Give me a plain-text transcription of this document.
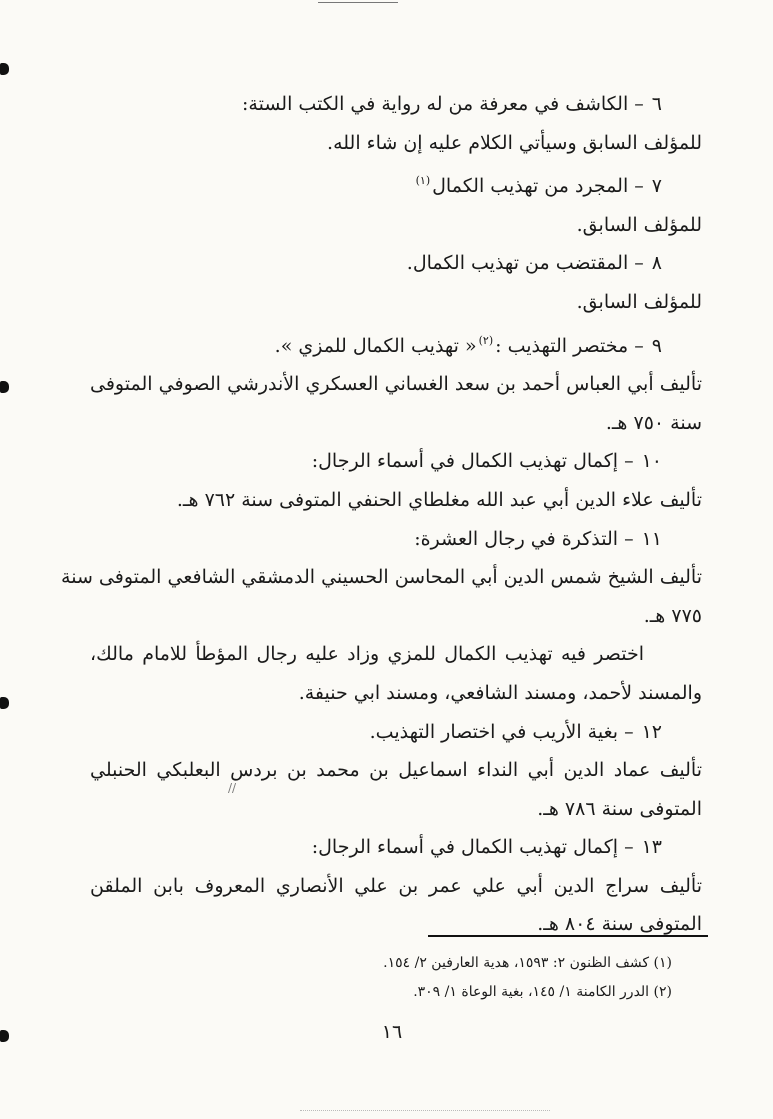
//
٦– الكاشف في معرفة من له رواية في الكتب الستة:
للمؤلف السابق وسيأتي الكلام عليه إن شاء الله.
٧– المجرد من تهذيب الكمال$^{(١)}$
للمؤلف السابق.
٨– المقتضب من تهذيب الكمال.
للمؤلف السابق.
٩– مختصر التهذيب :$^{(٢)}$« تهذيب الكمال للمزي ».
تأليف أبي العباس أحمد بن سعد الغساني العسكري الأندرشي الصوفي المتوفى
سنة ٧٥٠ هـ.
١٠– إكمال تهذيب الكمال في أسماء الرجال:
تأليف علاء الدين أبي عبد الله مغلطاي الحنفي المتوفى سنة ٧٦٢ هـ.
١١– التذكرة في رجال العشرة:
تأليف الشيخ شمس الدين أبي المحاسن الحسيني الدمشقي الشافعي المتوفى سنة
٧٧٥ هـ.
اختصر فيه تهذيب الكمال للمزي وزاد عليه رجال المؤطأ للامام مالك،
والمسند لأحمد، ومسند الشافعي، ومسند ابي حنيفة.
١٢– بغية الأريب في اختصار التهذيب.
تأليف عماد الدين أبي النداء اسماعيل بن محمد بن بردس البعلبكي الحنبلي
المتوفى سنة ٧٨٦ هـ.
١٣– إكمال تهذيب الكمال في أسماء الرجال:
تأليف سراج الدين أبي علي عمر بن علي الأنصاري المعروف بابن الملقن
المتوفى سنة ٨٠٤ هـ.
(١) كشف الظنون ٢: ١٥٩٣، هدية العارفين ٢/ ١٥٤.
(٢) الدرر الكامنة ١/ ١٤٥، بغية الوعاة ١/ ٣٠٩.
١٦
